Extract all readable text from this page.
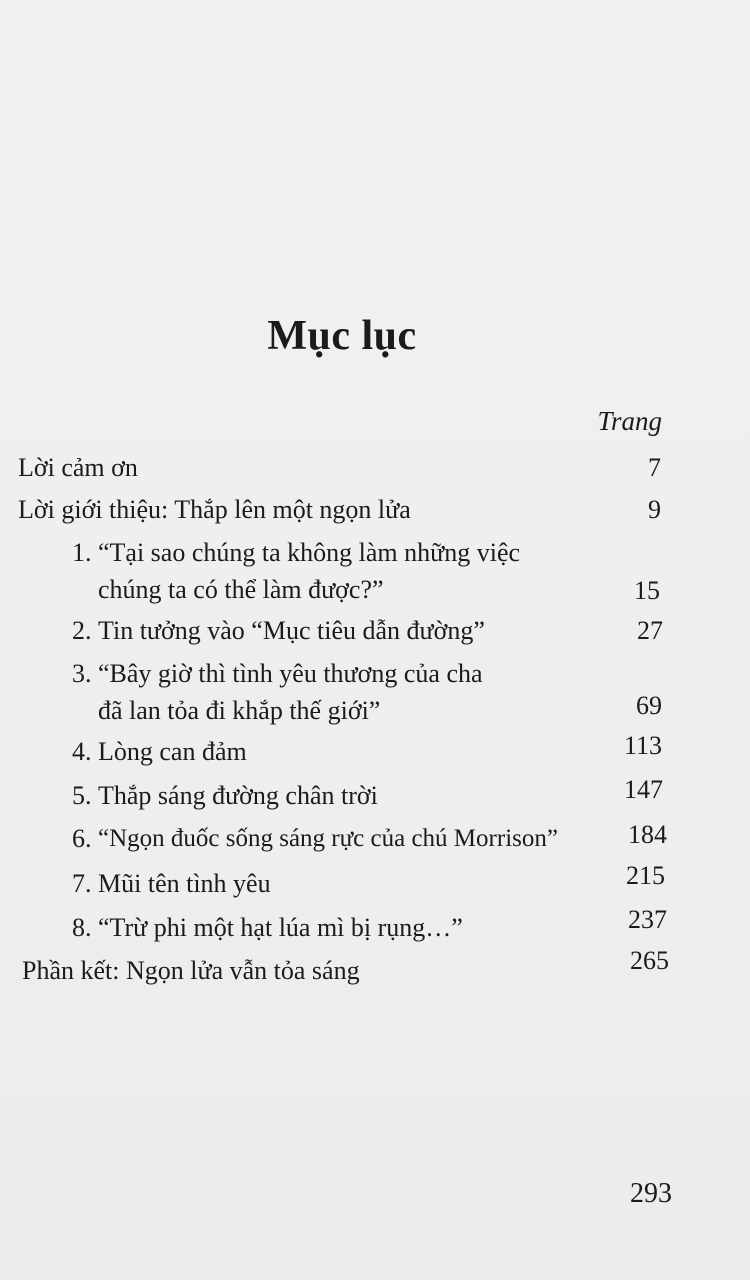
Mục lục
Trang
Lời cảm ơn	7
Lời giới thiệu: Thắp lên một ngọn lửa	9
1. “Tại sao chúng ta không làm những việc
chúng ta có thể làm được?”	15
2. Tin tưởng vào “Mục tiêu dẫn đường”	27
3. “Bây giờ thì tình yêu thương của cha
đã lan tỏa đi khắp thế giới”	69
4. Lòng can đảm	113
5. Thắp sáng đường chân trời	147
6. “Ngọn đuốc sống sáng rực của chú Morrison”	184
7. Mũi tên tình yêu	215
8. “Trừ phi một hạt lúa mì bị rụng…”	237
Phần kết: Ngọn lửa vẫn tỏa sáng	265
293
